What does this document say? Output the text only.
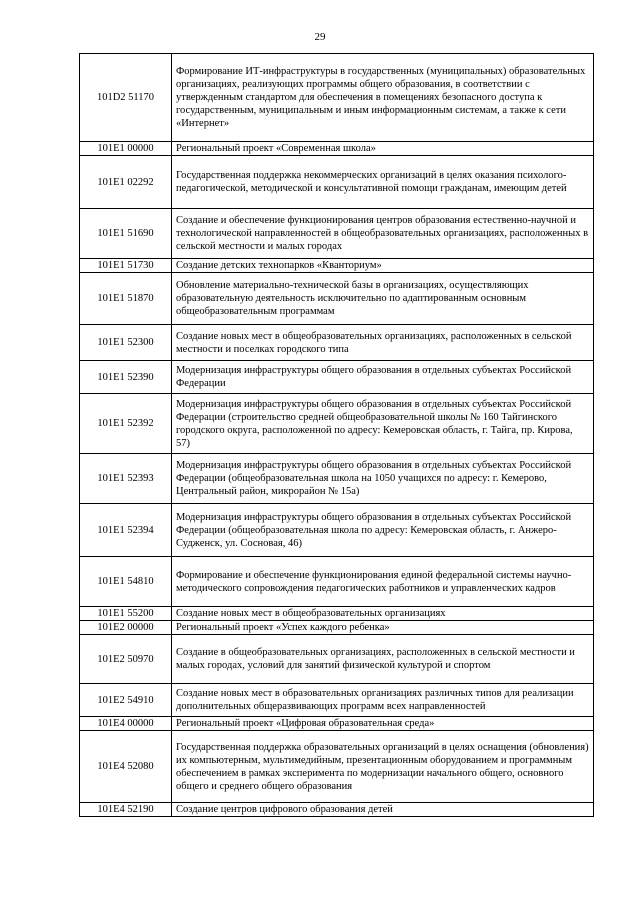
29
101D2 51170	Формирование ИТ-инфраструктуры в государственных (муниципальных) образовательных организациях, реализующих программы общего образования, в соответствии с утвержденным стандартом для обеспечения в помещениях безопасного доступа к государственным, муниципальным и иным информационным системам, а также к сети «Интернет»
101E1 00000	Региональный проект «Современная школа»
101E1 02292	Государственная поддержка некоммерческих организаций в целях оказания психолого-педагогической, методической и консультативной помощи гражданам, имеющим детей
101E1 51690	Создание и обеспечение функционирования центров образования естественно-научной и технологической направленностей в общеобразовательных организациях, расположенных в сельской местности и малых городах
101E1 51730	Создание детских технопарков «Кванториум»
101E1 51870	Обновление материально-технической базы в организациях, осуществляющих образовательную деятельность исключительно по адаптированным основным общеобразовательным программам
101E1 52300	Создание новых мест в общеобразовательных организациях, расположенных в сельской местности и поселках городского типа
101E1 52390	Модернизация инфраструктуры общего образования в отдельных субъектах Российской Федерации
101E1 52392	Модернизация инфраструктуры общего образования в отдельных субъектах Российской Федерации (строительство средней общеобразовательной школы № 160 Тайгинского городского округа, расположенной по адресу: Кемеровская область, г. Тайга, пр. Кирова, 57)
101E1 52393	Модернизация инфраструктуры общего образования в отдельных субъектах Российской Федерации (общеобразовательная школа на 1050 учащихся по адресу: г. Кемерово, Центральный район, микрорайон № 15а)
101E1 52394	Модернизация инфраструктуры общего образования в отдельных субъектах Российской Федерации (общеобразовательная школа по адресу: Кемеровская область, г. Анжеро-Судженск, ул. Сосновая, 46)
101E1 54810	Формирование и обеспечение функционирования единой федеральной системы научно-методического сопровождения педагогических работников и управленческих кадров
101E1 55200	Создание новых мест в общеобразовательных организациях
101E2 00000	Региональный проект «Успех каждого ребенка»
101E2 50970	Создание в общеобразовательных организациях, расположенных в сельской местности и малых городах, условий для занятий физической культурой и спортом
101E2 54910	Создание новых мест в образовательных организациях различных типов для реализации дополнительных общеразвивающих программ всех направленностей
101E4 00000	Региональный проект «Цифровая образовательная среда»
101E4 52080	Государственная поддержка образовательных организаций в целях оснащения (обновления) их компьютерным, мультимедийным, презентационным оборудованием и программным обеспечением в рамках эксперимента по модернизации начального общего, основного общего и среднего общего образования
101E4 52190	Создание центров цифрового образования детей
